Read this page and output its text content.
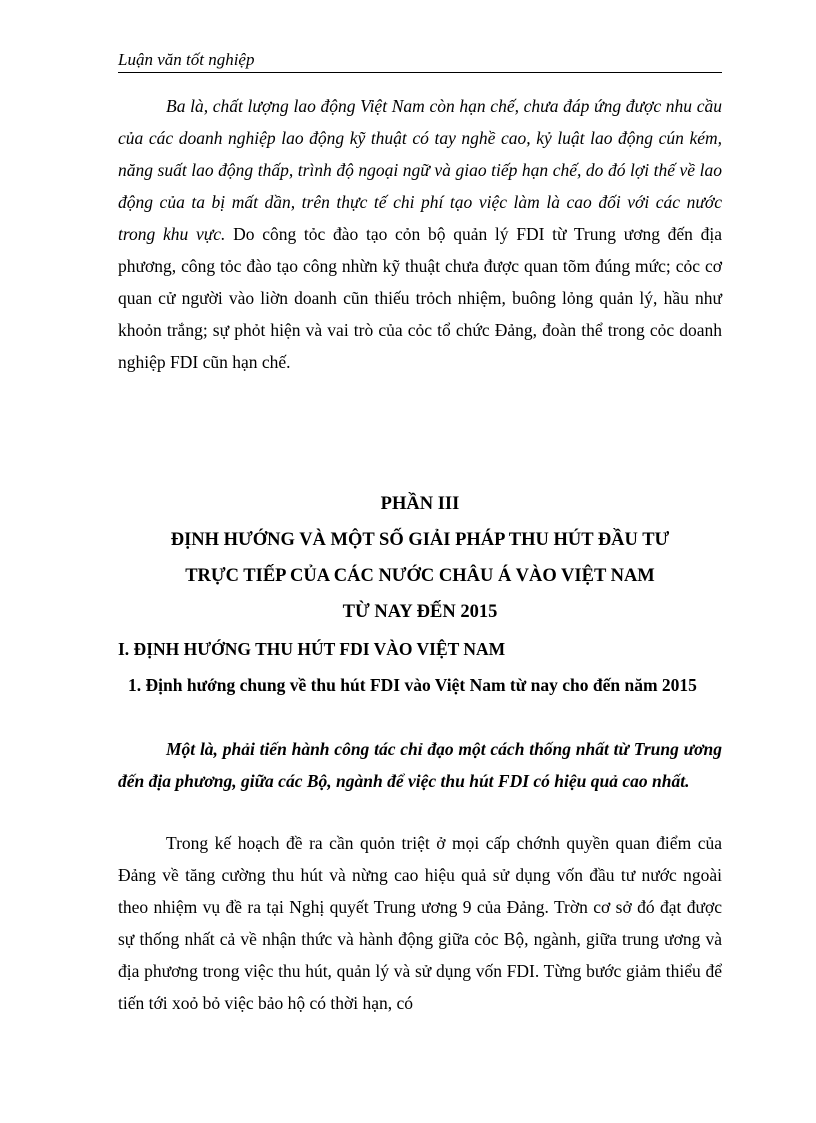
Luận văn tốt nghiệp

Ba là, chất lượng lao động Việt Nam còn hạn chế, chưa đáp ứng được nhu cầu của các doanh nghiệp lao động kỹ thuật có tay nghề cao, kỷ luật lao động cún kém, năng suất lao động thấp, trình độ ngoại ngữ và giao tiếp hạn chế, do đó lợi thế về lao động của ta bị mất dần, trên thực tế chi phí tạo việc làm là cao đối với các nước trong khu vực. Do công tỏc đào tạo cỏn bộ quản lý FDI từ Trung ương đến địa phương, công tỏc đào tạo công nhừn kỹ thuật chưa được quan tõm đúng mức; cỏc cơ quan cử người vào liờn doanh cũn thiếu trỏch nhiệm, buông lỏng quản lý, hầu như khoỏn trắng; sự phỏt hiện và vai trò của cỏc tổ chức Đảng, đoàn thể trong cỏc doanh nghiệp FDI cũn hạn chế.

PHẦN III
ĐỊNH HƯỚNG VÀ MỘT SỐ GIẢI PHÁP THU HÚT ĐẦU TƯ
TRỰC TIẾP CỦA CÁC NƯỚC CHÂU Á VÀO VIỆT NAM
TỪ NAY ĐẾN 2015
I. ĐỊNH HƯỚNG THU HÚT FDI VÀO VIỆT NAM
1. Định hướng chung về thu hút FDI vào Việt Nam từ nay cho đến năm 2015

Một là, phải tiến hành công tác chỉ đạo một cách thống nhất từ Trung ương đến địa phương, giữa các Bộ, ngành để việc thu hút FDI có hiệu quả cao nhất.

Trong kế hoạch đề ra cần quỏn triệt ở mọi cấp chớnh quyền quan điểm của Đảng về tăng cường thu hút và nừng cao hiệu quả sử dụng vốn đầu tư nước ngoài theo nhiệm vụ đề ra tại Nghị quyết Trung ương 9 của Đảng. Trờn cơ sở đó đạt được sự thống nhất cả về nhận thức và hành động giữa cỏc Bộ, ngành, giữa trung ương và địa phương trong việc thu hút, quản lý và sử dụng vốn FDI. Từng bước giảm thiểu để tiến tới xoỏ bỏ việc bảo hộ có thời hạn, có
